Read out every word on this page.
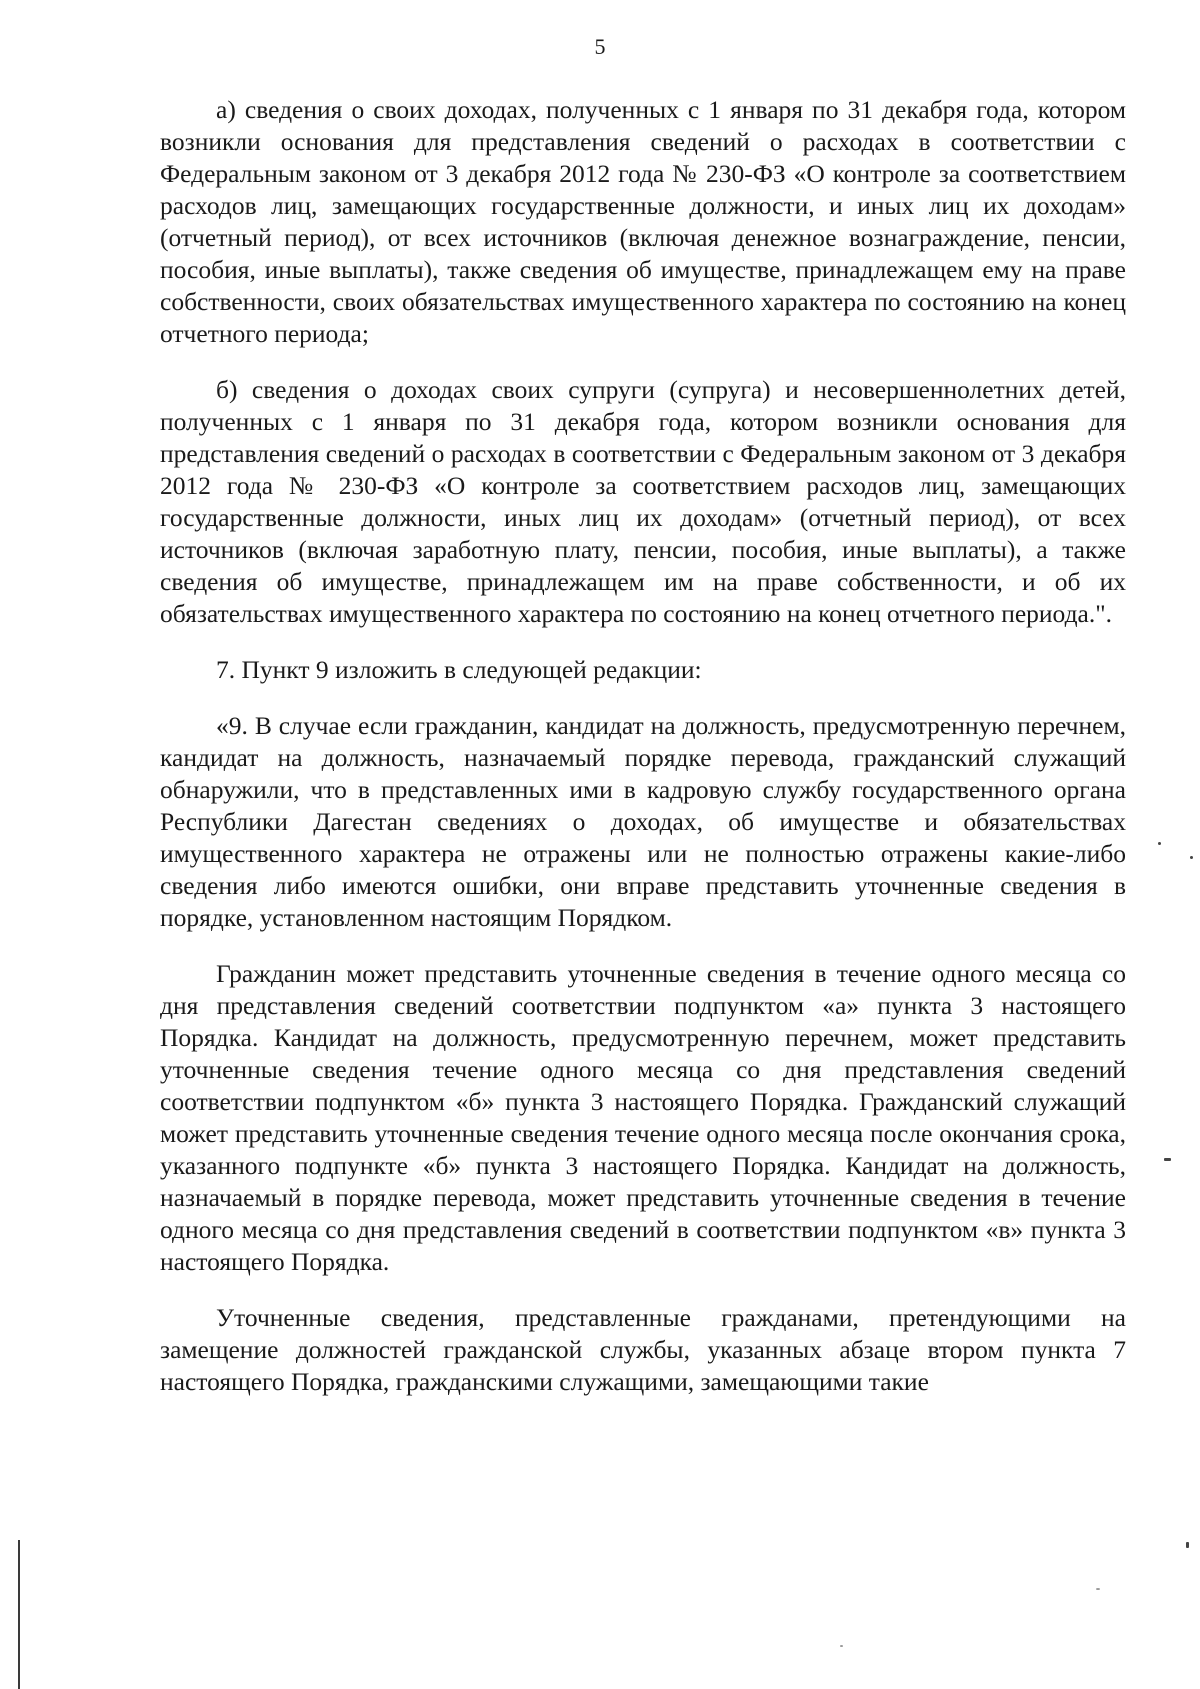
5

а) сведения о своих доходах, полученных с 1 января по 31 декабря года, котором возникли основания для представления сведений о расходах в соответствии с Федеральным законом от 3 декабря 2012 года № 230-ФЗ «О контроле за соответствием расходов лиц, замещающих государственные должности, и иных лиц их доходам» (отчетный период), от всех источников (включая денежное вознаграждение, пенсии, пособия, иные выплаты), также сведения об имуществе, принадлежащем ему на праве собственности, своих обязательствах имущественного характера по состоянию на конец отчетного периода;

б) сведения о доходах своих супруги (супруга) и несовершеннолетних детей, полученных с 1 января по 31 декабря года, котором возникли основания для представления сведений о расходах в соответствии с Федеральным законом от 3 декабря 2012 года № 230-ФЗ «О контроле за соответствием расходов лиц, замещающих государственные должности, иных лиц их доходам» (отчетный период), от всех источников (включая заработную плату, пенсии, пособия, иные выплаты), а также сведения об имуществе, принадлежащем им на праве собственности, и об их обязательствах имущественного характера по состоянию на конец отчетного периода.".

7. Пункт 9 изложить в следующей редакции:

«9. В случае если гражданин, кандидат на должность, предусмотренную перечнем, кандидат на должность, назначаемый порядке перевода, гражданский служащий обнаружили, что в представленных ими в кадровую службу государственного органа Республики Дагестан сведениях о доходах, об имуществе и обязательствах имущественного характера не отражены или не полностью отражены какие-либо сведения либо имеются ошибки, они вправе представить уточненные сведения в порядке, установленном настоящим Порядком.

Гражданин может представить уточненные сведения в течение одного месяца со дня представления сведений соответствии подпунктом «а» пункта 3 настоящего Порядка. Кандидат на должность, предусмотренную перечнем, может представить уточненные сведения течение одного месяца со дня представления сведений соответствии подпунктом «б» пункта 3 настоящего Порядка. Гражданский служащий может представить уточненные сведения течение одного месяца после окончания срока, указанного подпункте «б» пункта 3 настоящего Порядка. Кандидат на должность, назначаемый в порядке перевода, может представить уточненные сведения в течение одного месяца со дня представления сведений в соответствии подпунктом «в» пункта 3 настоящего Порядка.

Уточненные сведения, представленные гражданами, претендующими на замещение должностей гражданской службы, указанных абзаце втором пункта 7 настоящего Порядка, гражданскими служащими, замещающими такие
